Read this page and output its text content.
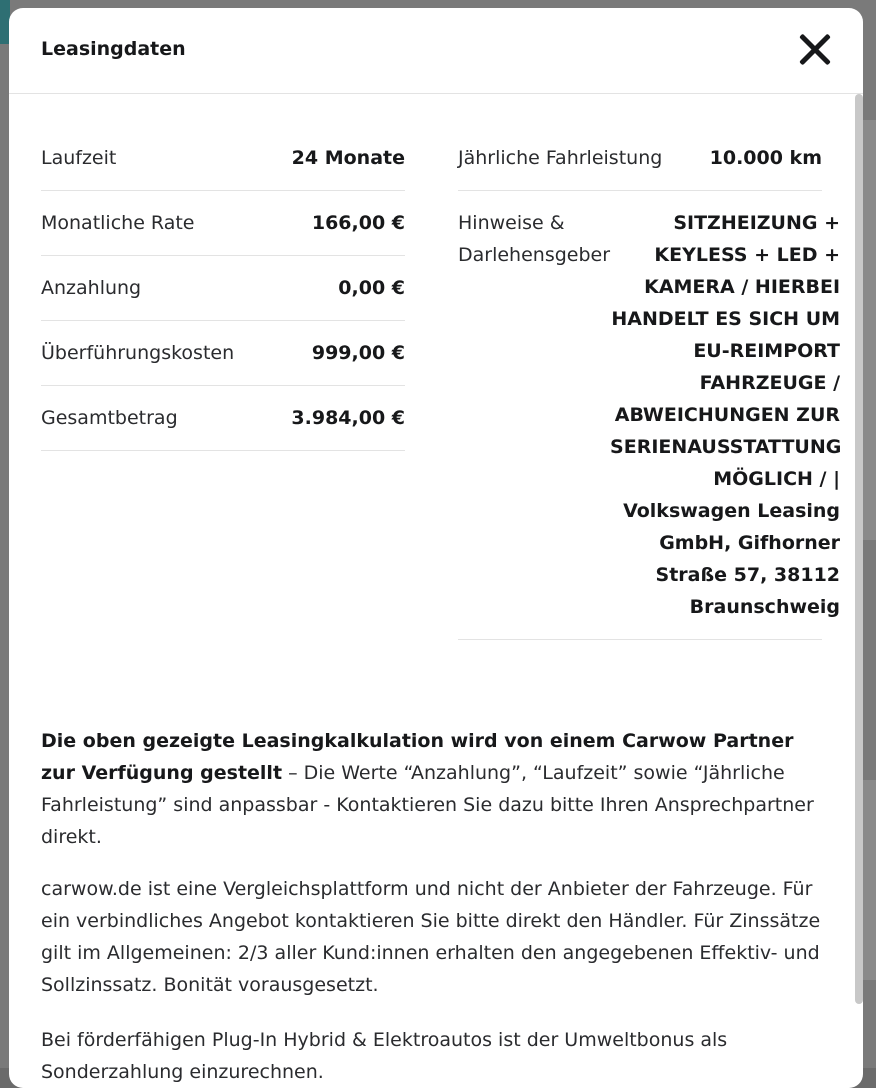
Leasingdaten
Laufzeit	24 Monate
Monatliche Rate	166,00 €
Anzahlung	0,00 €
Überführungskosten	999,00 €
Gesamtbetrag	3.984,00 €
Jährliche Fahrleistung 10.000 km
Hinweise & Darlehensgeber
SITZHEIZUNG + KEYLESS + LED + KAMERA / HIERBEI HANDELT ES SICH UM EU-REIMPORT FAHRZEUGE / ABWEICHUNGEN ZUR SERIENAUSSTATTUNG MÖGLICH / | Volkswagen Leasing GmbH, Gifhorner Straße 57, 38112 Braunschweig
Die oben gezeigte Leasingkalkulation wird von einem Carwow Partner zur Verfügung gestellt – Die Werte “Anzahlung”, “Laufzeit” sowie “Jährliche Fahrleistung” sind anpassbar - Kontaktieren Sie dazu bitte Ihren Ansprechpartner direkt.
carwow.de ist eine Vergleichsplattform und nicht der Anbieter der Fahrzeuge. Für ein verbindliches Angebot kontaktieren Sie bitte direkt den Händler. Für Zinssätze gilt im Allgemeinen: 2/3 aller Kund:innen erhalten den angegebenen Effektiv- und Sollzinssatz. Bonität vorausgesetzt.
Bei förderfähigen Plug-In Hybrid & Elektroautos ist der Umweltbonus als Sonderzahlung einzurechnen.
